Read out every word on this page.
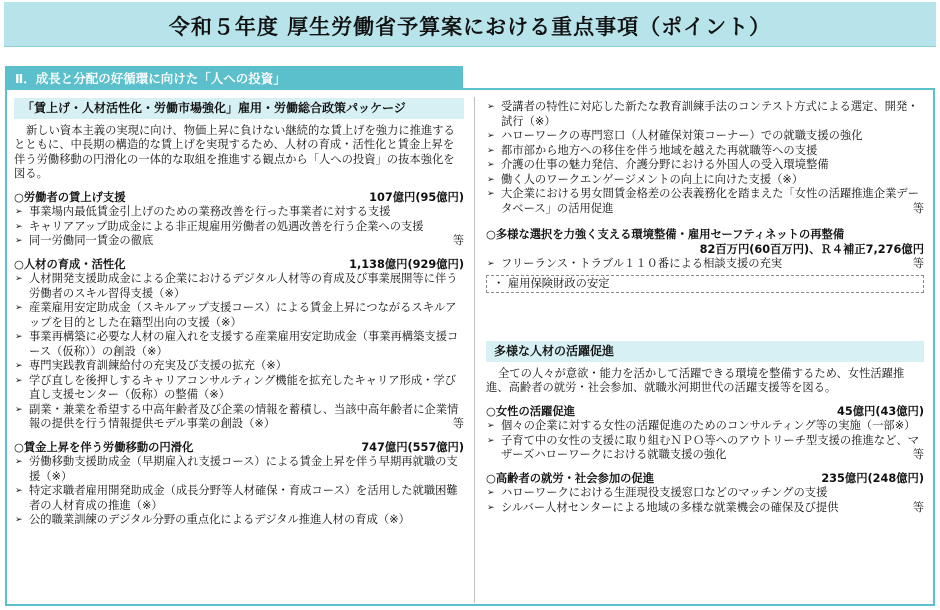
令和５年度 厚生労働省予算案における重点事項（ポイント）
Ⅱ．成長と分配の好循環に向けた「人への投資」
「賃上げ・人材活性化・労働市場強化」雇用・労働総合政策パッケージ
新しい資本主義の実現に向け、物価上昇に負けない継続的な賃上げを強力に推進するとともに、中長期の構造的な賃上げを実現するため、人材の育成・活性化と賃金上昇を伴う労働移動の円滑化の一体的な取組を推進する観点から「人への投資」の抜本強化を図る。
○労働者の賃上げ支援	107億円(95億円)
➢ 事業場内最低賃金引上げのための業務改善を行った事業者に対する支援
➢ キャリアアップ助成金による非正規雇用労働者の処遇改善を行う企業への支援
➢ 同一労働同一賃金の徹底	等
○人材の育成・活性化	1,138億円(929億円)
➢ 人材開発支援助成金による企業におけるデジタル人材等の育成及び事業展開等に伴う労働者のスキル習得支援（※）
➢ 産業雇用安定助成金（スキルアップ支援コース）による賃金上昇につながるスキルアップを目的とした在籍型出向の支援（※）
➢ 事業再構築に必要な人材の雇入れを支援する産業雇用安定助成金（事業再構築支援コース（仮称））の創設（※）
➢ 専門実践教育訓練給付の充実及び支援の拡充（※）
➢ 学び直しを後押しするキャリアコンサルティング機能を拡充したキャリア形成・学び直し支援センター（仮称）の整備（※）
➢ 副業・兼業を希望する中高年齢者及び企業の情報を蓄積し、当該中高年齢者に企業情報の提供を行う情報提供モデル事業の創設（※）	等
○賃金上昇を伴う労働移動の円滑化	747億円(557億円)
➢ 労働移動支援助成金（早期雇入れ支援コース）による賃金上昇を伴う早期再就職の支援（※）
➢ 特定求職者雇用開発助成金（成長分野等人材確保・育成コース）を活用した就職困難者の人材育成の推進（※）
➢ 公的職業訓練のデジタル分野の重点化によるデジタル推進人材の育成（※）
➢ 受講者の特性に対応した新たな教育訓練手法のコンテスト方式による選定、開発・試行（※）
➢ ハローワークの専門窓口（人材確保対策コーナー）での就職支援の強化
➢ 都市部から地方への移住を伴う地域を越えた再就職等への支援
➢ 介護の仕事の魅力発信、介護分野における外国人の受入環境整備
➢ 働く人のワークエンゲージメントの向上に向けた支援（※）
➢ 大企業における男女間賃金格差の公表義務化を踏まえた「女性の活躍推進企業データベース」の活用促進	等
○多様な選択を力強く支える環境整備・雇用セーフティネットの再整備
82百万円(60百万円)、Ｒ４補正7,276億円
➢ フリーランス・トラブル１１０番による相談支援の充実	等
・ 雇用保険財政の安定
多様な人材の活躍促進
全ての人々が意欲・能力を活かして活躍できる環境を整備するため、女性活躍推進、高齢者の就労・社会参加、就職氷河期世代の活躍支援等を図る。
○女性の活躍促進	45億円(43億円)
➢ 個々の企業に対する女性の活躍促進のためのコンサルティング等の実施（一部※）
➢ 子育て中の女性の支援に取り組むＮＰＯ等へのアウトリーチ型支援の推進など、マザーズハローワークにおける就職支援の強化	等
○高齢者の就労・社会参加の促進	235億円(248億円)
➢ ハローワークにおける生涯現役支援窓口などのマッチングの支援
➢ シルバー人材センターによる地域の多様な就業機会の確保及び提供	等
